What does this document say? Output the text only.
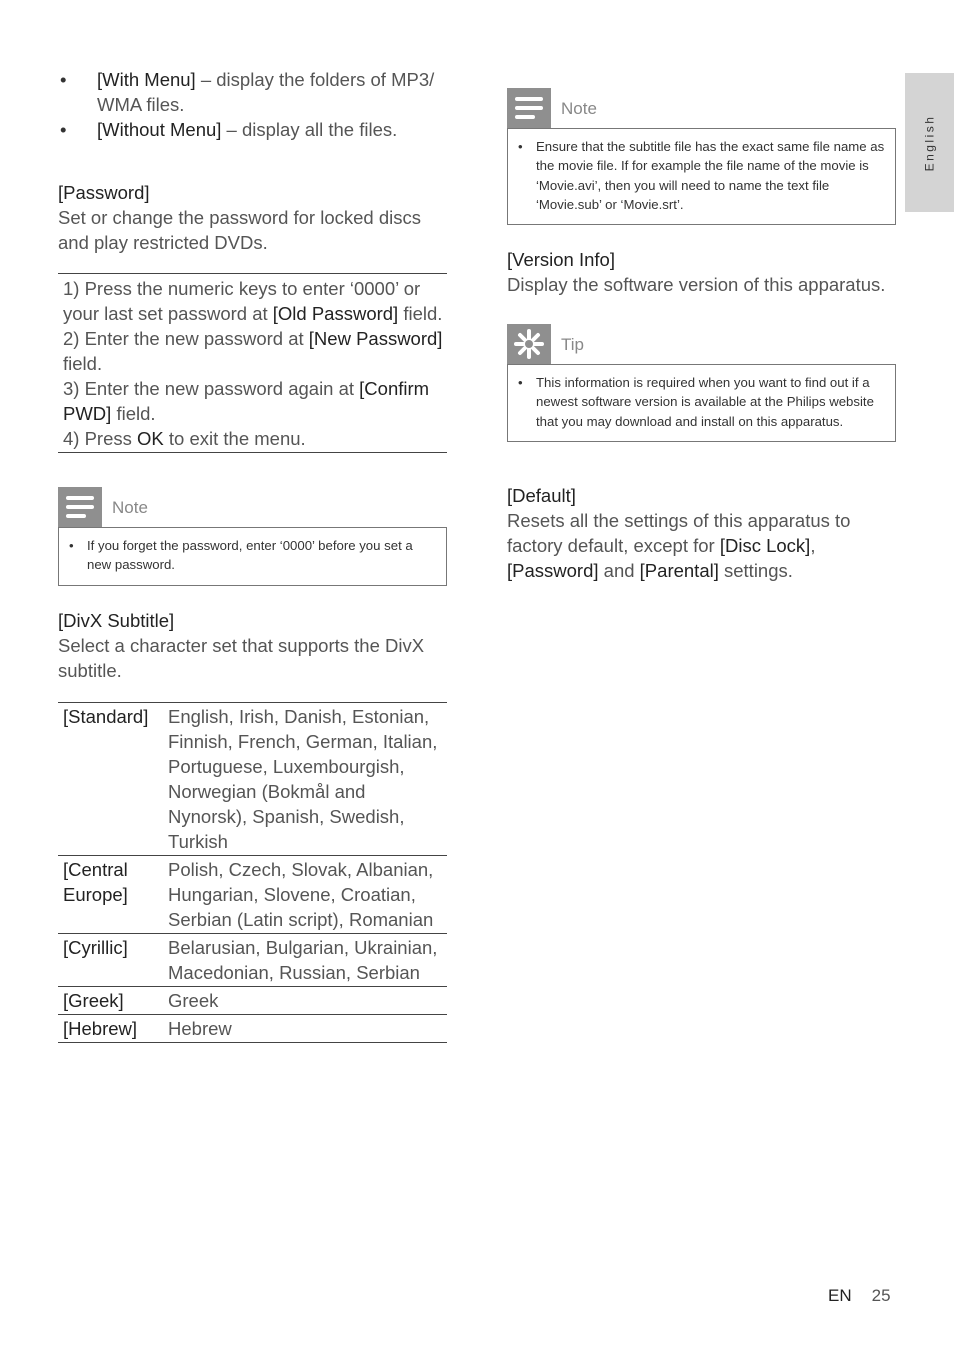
English
• [With Menu] – display the folders of MP3/ WMA files.
• [Without Menu] – display all the files.
[Password]
Set or change the password for locked discs and play restricted DVDs.
1) Press the numeric keys to enter ‘0000’ or your last set password at [Old Password] field.
2) Enter the new password at [New Password] field.
3) Enter the new password again at [Confirm PWD] field.
4) Press OK to exit the menu.
Note
• If you forget the password, enter ‘0000’ before you set a new password.
[DivX Subtitle]
Select a character set that supports the DivX subtitle.
[Standard]	English, Irish, Danish, Estonian, Finnish, French, German, Italian, Portuguese, Luxembourgish, Norwegian (Bokmål and Nynorsk), Spanish, Swedish, Turkish
[Central Europe]	Polish, Czech, Slovak, Albanian, Hungarian, Slovene, Croatian, Serbian (Latin script), Romanian
[Cyrillic]	Belarusian, Bulgarian, Ukrainian, Macedonian, Russian, Serbian
[Greek]	Greek
[Hebrew]	Hebrew
Note
• Ensure that the subtitle file has the exact same file name as the movie file. If for example the file name of the movie is ‘Movie.avi’, then you will need to name the text file ‘Movie.sub’ or ‘Movie.srt’.
[Version Info]
Display the software version of this apparatus.
Tip
• This information is required when you want to find out if a newest software version is available at the Philips website that you may download and install on this apparatus.
[Default]
Resets all the settings of this apparatus to factory default, except for [Disc Lock], [Password] and [Parental] settings.
EN 25
